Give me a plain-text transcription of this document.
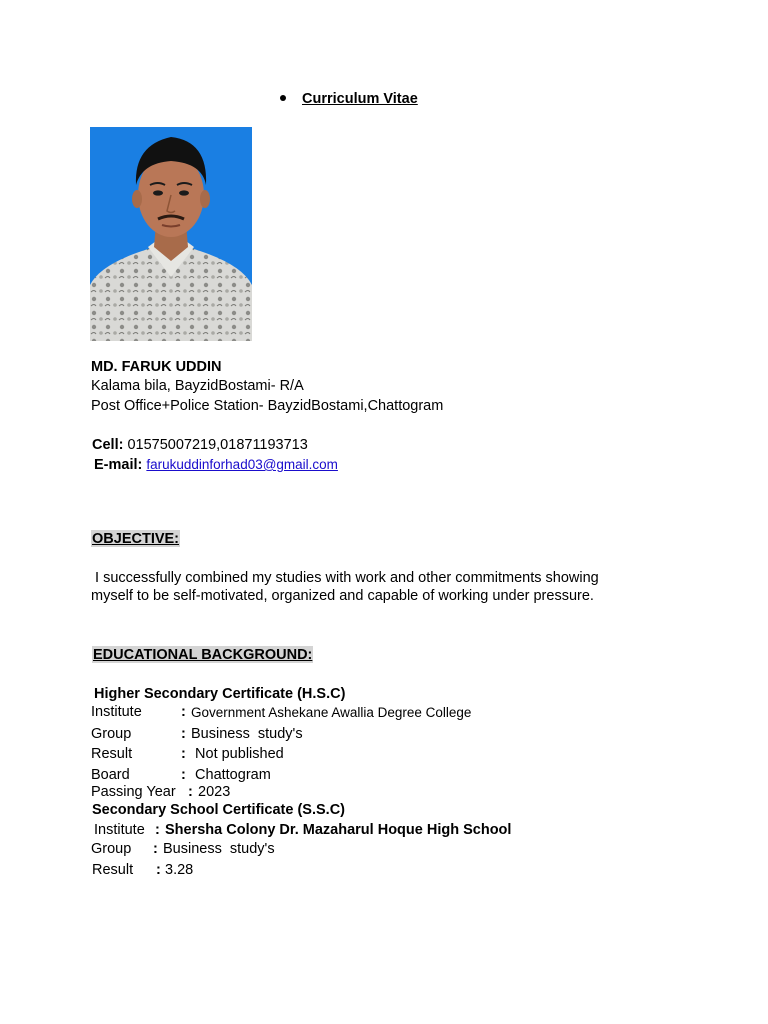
Curriculum Vitae
MD. FARUK UDDIN
Kalama bila, BayzidBostami- R/A
Post Office+Police Station- BayzidBostami,Chattogram
Cell: 01575007219,01871193713
E-mail: farukuddinforhad03@gmail.com
OBJECTIVE:
I successfully combined my studies with work and other commitments showing
myself to be self-motivated, organized and capable of working under pressure.
EDUCATIONAL BACKGROUND:
Higher Secondary Certificate (H.S.C)
Institute	: Government Ashekane Awallia Degree College
Group	: Business  study's
Result	: Not published
Board	: Chattogram
Passing Year : 2023
Secondary School Certificate (S.S.C)
Institute : Shersha Colony Dr. Mazaharul Hoque High School
Group : Business  study's
Result : 3.28
